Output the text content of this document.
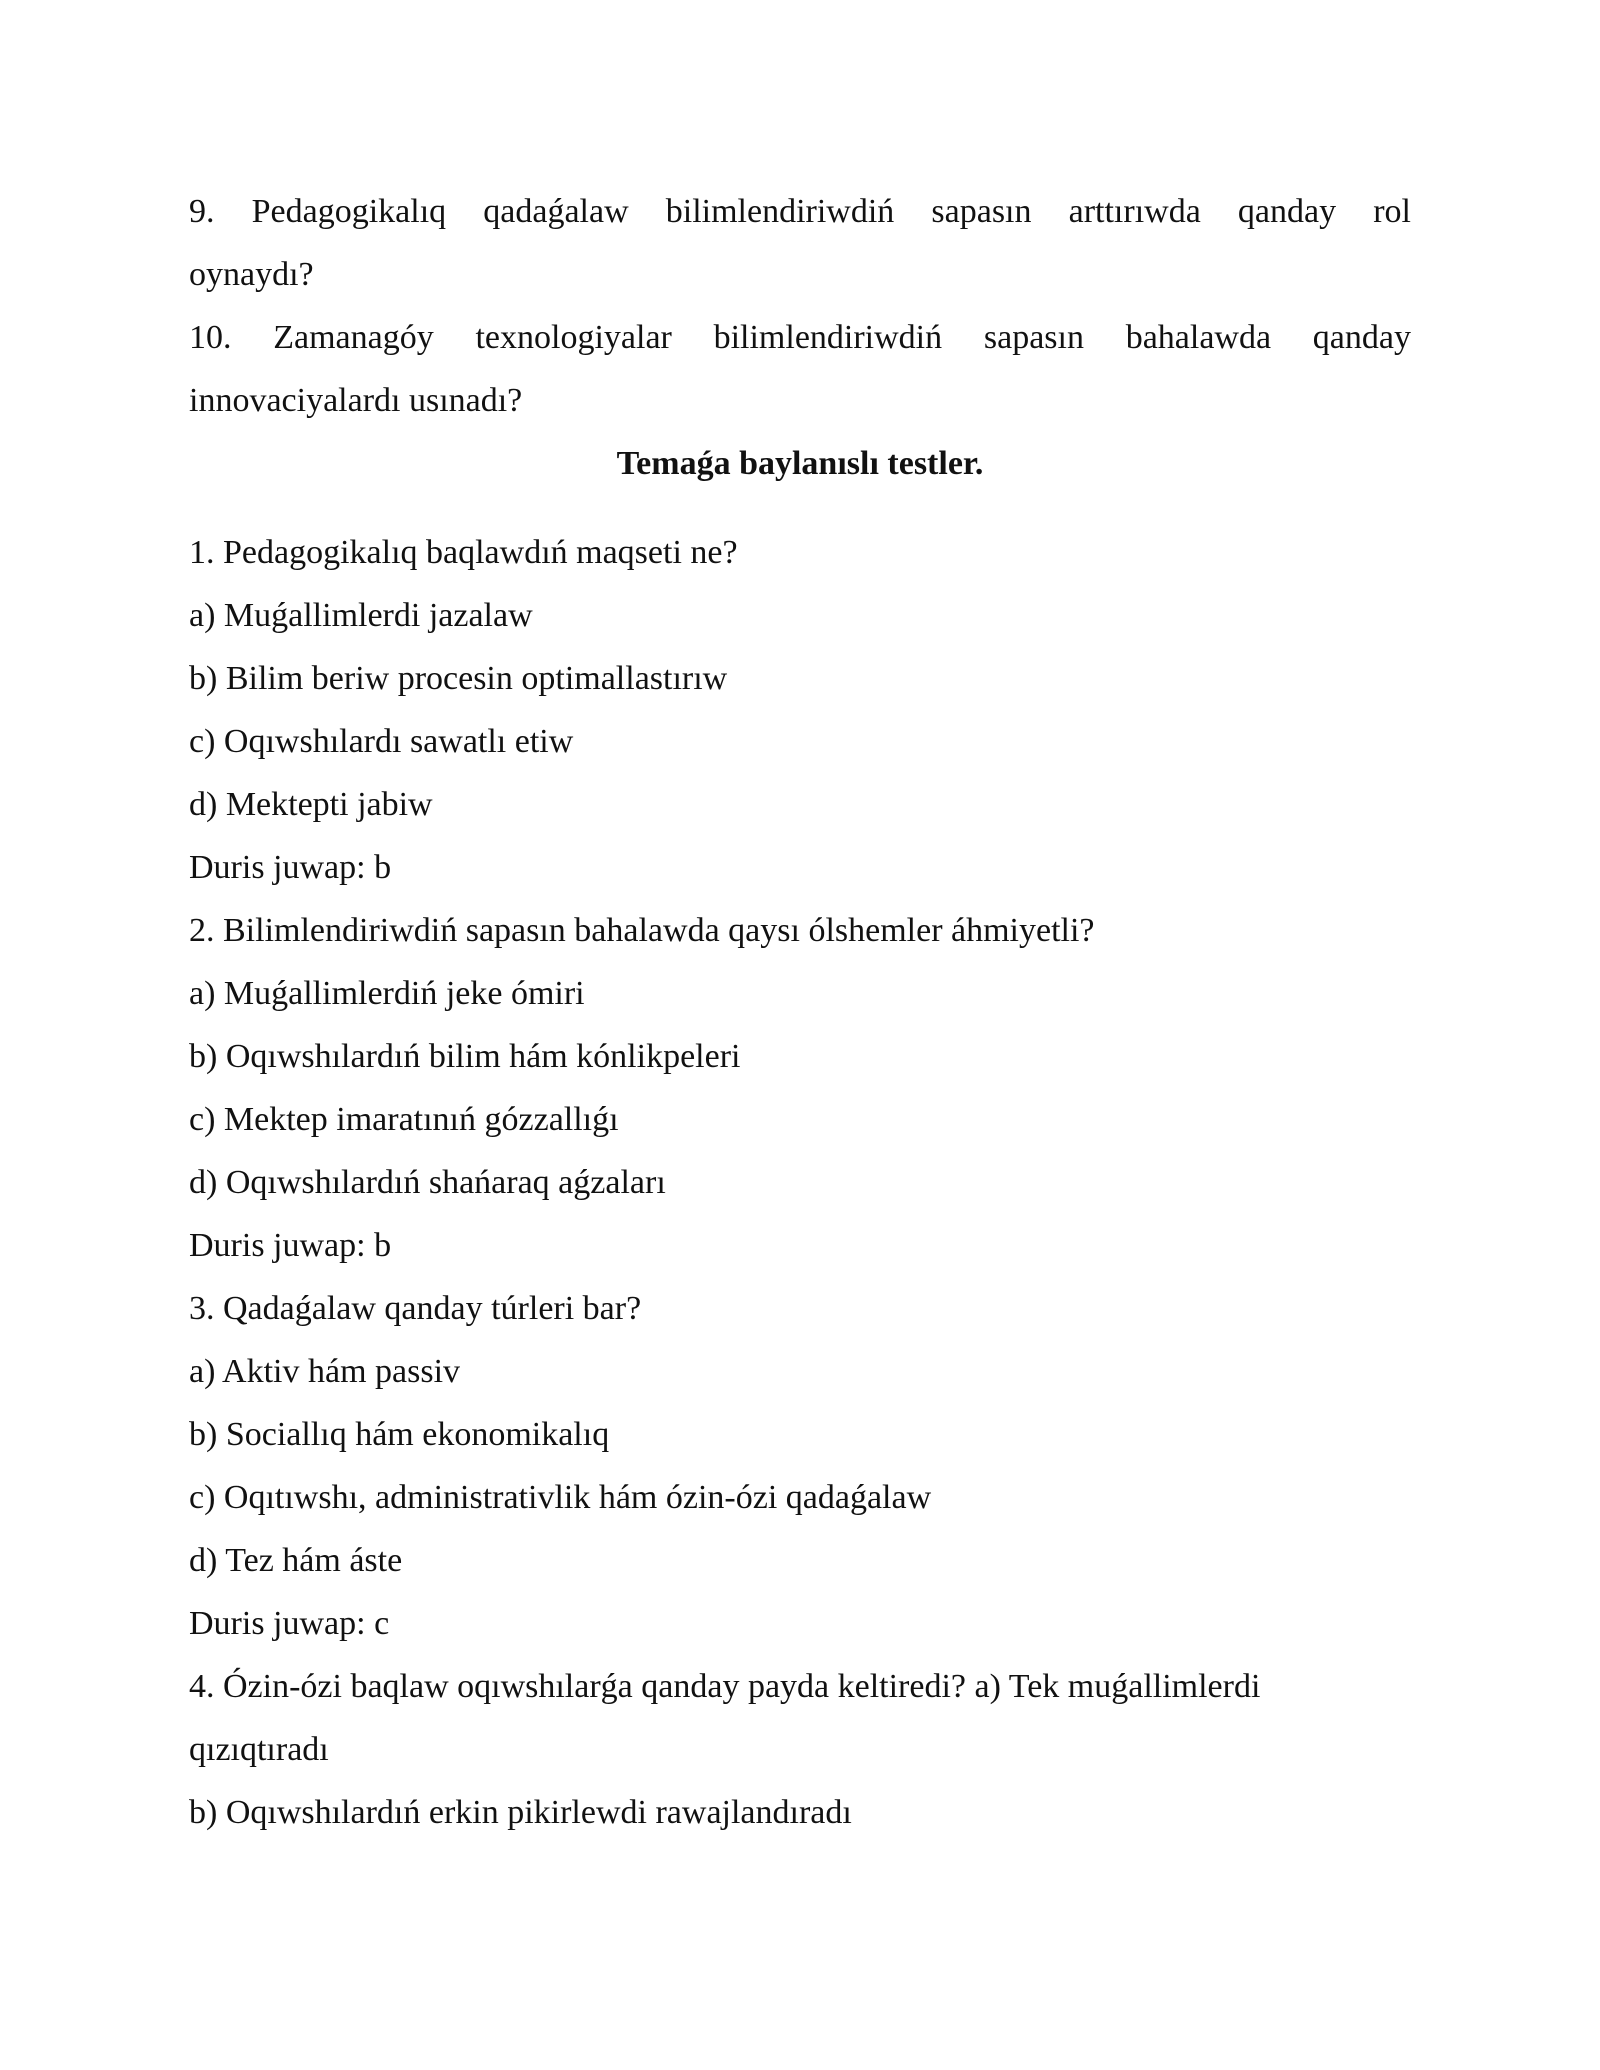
9. Pedagogikalıq qadaǵalaw bilimlendiriwdiń sapasın arttırıwda qanday rol
oynaydı?
10. Zamanagóy texnologiyalar bilimlendiriwdiń sapasın bahalawda qanday
innovaciyalardı usınadı?
Temaǵa baylanıslı testler.
1. Pedagogikalıq baqlawdıń maqseti ne?
a) Muǵallimlerdi jazalaw
b) Bilim beriw procesin optimallastırıw
c) Oqıwshılardı sawatlı etiw
d) Mektepti jabiw
Duris juwap: b
2. Bilimlendiriwdiń sapasın bahalawda qaysı ólshemler áhmiyetli?
a) Muǵallimlerdiń jeke ómiri
b) Oqıwshılardıń bilim hám kónlikpeleri
c) Mektep imaratınıń gózzallıǵı
d) Oqıwshılardıń shańaraq aǵzaları
Duris juwap: b
3. Qadaǵalaw qanday túrleri bar?
a) Aktiv hám passiv
b) Sociallıq hám ekonomikalıq
c) Oqıtıwshı, administrativlik hám ózin-ózi qadaǵalaw
d) Tez hám áste
Duris juwap: c
4. Ózin-ózi baqlaw oqıwshılarǵa qanday payda keltiredi? a) Tek muǵallimlerdi
qızıqtıradı
b) Oqıwshılardıń erkin pikirlewdi rawajlandıradı
